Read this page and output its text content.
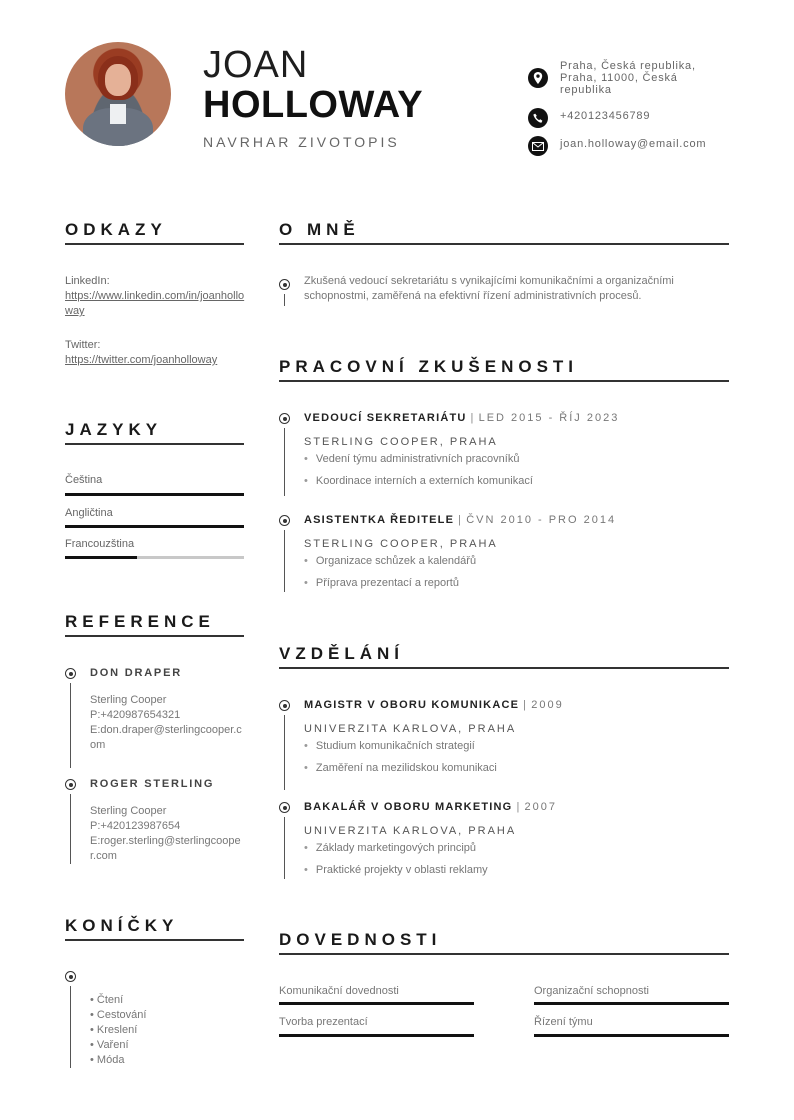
JOAN
HOLLOWAY
NAVRHAR ZIVOTOPIS
Praha, Česká republika, Praha, 11000, Česká republika
+420123456789
joan.holloway@email.com
ODKAZY
LinkedIn:
https://www.linkedin.com/in/joanholloway
Twitter:
https://twitter.com/joanholloway
JAZYKY
Čeština
Angličtina
Francouzština
REFERENCE
DON DRAPER
Sterling Cooper
P:+420987654321
E:don.draper@sterlingcooper.com
ROGER STERLING
Sterling Cooper
P:+420123987654
E:roger.sterling@sterlingcooper.com
KONÍČKY
• Čtení
• Cestování
• Kreslení
• Vaření
• Móda
O MNĚ
Zkušená vedoucí sekretariátu s vynikajícími komunikačními a organizačními schopnostmi, zaměřená na efektivní řízení administrativních procesů.
PRACOVNÍ ZKUŠENOSTI
VEDOUCÍ SEKRETARIÁTU | LED 2015 - ŘÍJ 2023
STERLING COOPER, PRAHA
• Vedení týmu administrativních pracovníků
• Koordinace interních a externích komunikací
ASISTENTKA ŘEDITELE | ČVN 2010 - PRO 2014
STERLING COOPER, PRAHA
• Organizace schůzek a kalendářů
• Příprava prezentací a reportů
VZDĚLÁNÍ
MAGISTR V OBORU KOMUNIKACE | 2009
UNIVERZITA KARLOVA, PRAHA
• Studium komunikačních strategií
• Zaměření na mezilidskou komunikaci
BAKALÁŘ V OBORU MARKETING | 2007
UNIVERZITA KARLOVA, PRAHA
• Základy marketingových principů
• Praktické projekty v oblasti reklamy
DOVEDNOSTI
Komunikační dovednosti	Organizační schopnosti
Tvorba prezentací	Řízení týmu
